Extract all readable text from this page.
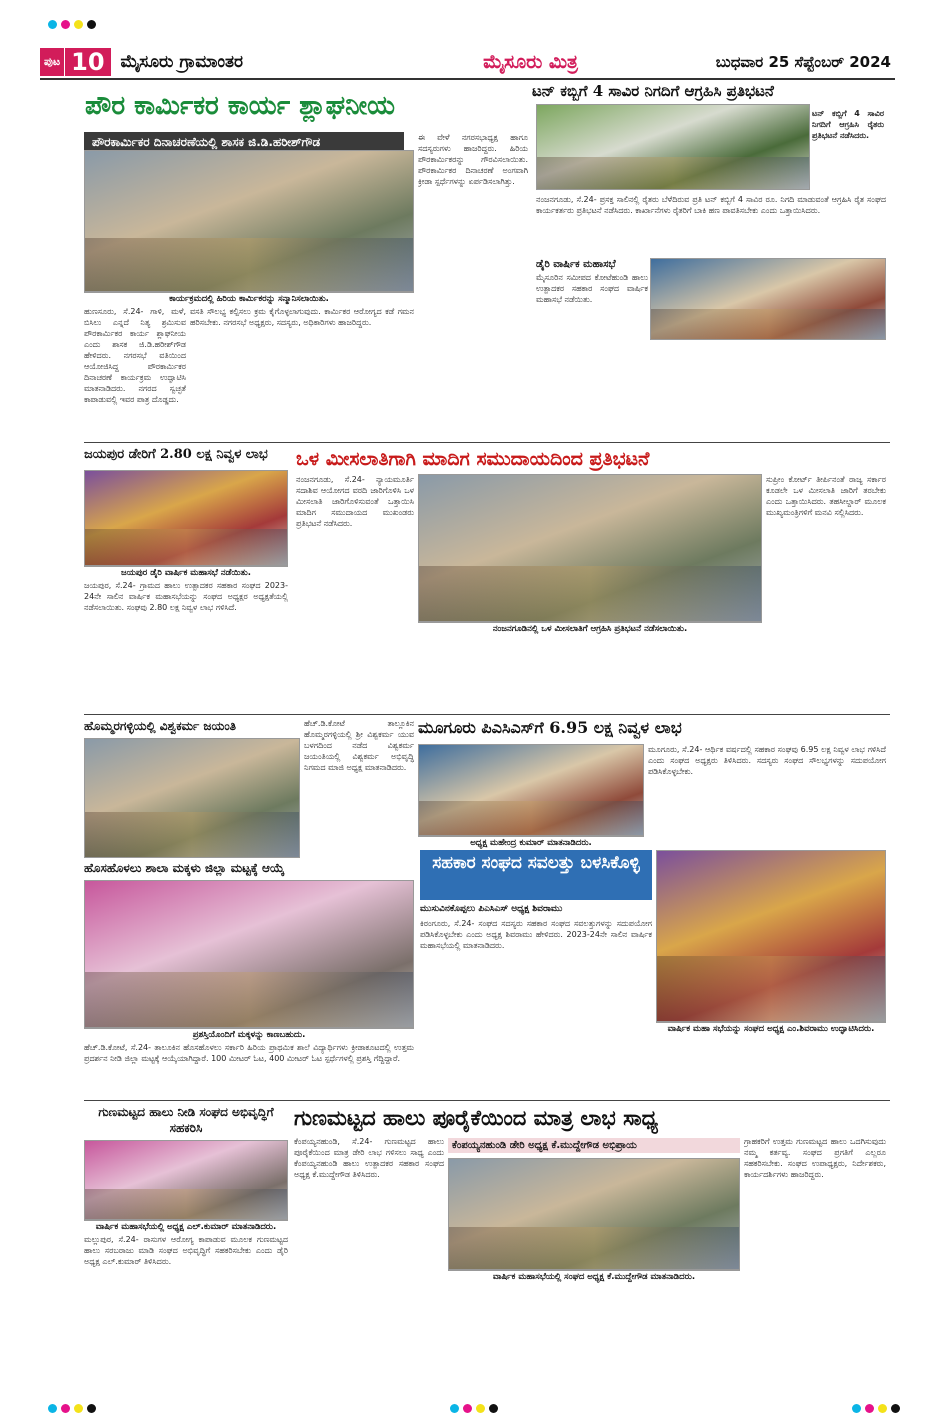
ಪುಟ 10 ಮೈಸೂರು ಗ್ರಾಮಾಂತರ	ಮೈಸೂರು ಮಿತ್ರ	ಬುಧವಾರ 25 ಸೆಪ್ಟೆಂಬರ್ 2024
ಪೌರ ಕಾರ್ಮಿಕರ ಕಾರ್ಯ ಶ್ಲಾಘನೀಯ
ಪೌರಕಾರ್ಮಿಕರ ದಿನಾಚರಣೆಯಲ್ಲಿ ಶಾಸಕ ಜಿ.ಡಿ.ಹರೀಶ್‌ಗೌಡ
ಕಾರ್ಯಕ್ರಮದಲ್ಲಿ ಹಿರಿಯ ಕಾರ್ಮಿಕರನ್ನು ಸನ್ಮಾನಿಸಲಾಯಿತು.
ಹುಣಸೂರು, ಸೆ.24- ಗಾಳಿ, ಮಳೆ, ಬಿಸಿಲು ಎನ್ನದೆ ನಿತ್ಯ ಶ್ರಮಿಸುವ ಪೌರಕಾರ್ಮಿಕರ ಕಾರ್ಯ ಶ್ಲಾಘನೀಯ ಎಂದು ಶಾಸಕ ಜಿ.ಡಿ.ಹರೀಶ್‌ಗೌಡ ಹೇಳಿದರು. ನಗರಸಭೆ ವತಿಯಿಂದ ಆಯೋಜಿಸಿದ್ದ ಪೌರಕಾರ್ಮಿಕರ ದಿನಾಚರಣೆ ಕಾರ್ಯಕ್ರಮ ಉದ್ಘಾಟಿಸಿ ಮಾತನಾಡಿದರು. ನಗರದ ಸ್ವಚ್ಛತೆ ಕಾಪಾಡುವಲ್ಲಿ ಇವರ ಪಾತ್ರ ದೊಡ್ಡದು.
ವಸತಿ ಸೌಲಭ್ಯ ಕಲ್ಪಿಸಲು ಕ್ರಮ ಕೈಗೊಳ್ಳಲಾಗುವುದು. ಕಾರ್ಮಿಕರ ಆರೋಗ್ಯದ ಕಡೆ ಗಮನ ಹರಿಸಬೇಕು. ನಗರಸಭೆ ಅಧ್ಯಕ್ಷರು, ಸದಸ್ಯರು, ಅಧಿಕಾರಿಗಳು ಹಾಜರಿದ್ದರು.
ಈ ವೇಳೆ ನಗರಸಭಾಧ್ಯಕ್ಷ ಹಾಗೂ ಸದಸ್ಯರುಗಳು ಹಾಜರಿದ್ದರು. ಹಿರಿಯ ಪೌರಕಾರ್ಮಿಕರನ್ನು ಗೌರವಿಸಲಾಯಿತು. ಪೌರಕಾರ್ಮಿಕರ ದಿನಾಚರಣೆ ಅಂಗವಾಗಿ ಕ್ರೀಡಾ ಸ್ಪರ್ಧೆಗಳನ್ನು ಏರ್ಪಡಿಸಲಾಗಿತ್ತು.
ಟನ್ ಕಬ್ಬಿಗೆ 4 ಸಾವಿರ ನಿಗದಿಗೆ ಆಗ್ರಹಿಸಿ ಪ್ರತಿಭಟನೆ
ಟನ್ ಕಬ್ಬಿಗೆ 4 ಸಾವಿರ ನಿಗದಿಗೆ ಆಗ್ರಹಿಸಿ ರೈತರು ಪ್ರತಿಭಟನೆ ನಡೆಸಿದರು.
ನಂಜನಗೂಡು, ಸೆ.24- ಪ್ರಸಕ್ತ ಸಾಲಿನಲ್ಲಿ ರೈತರು ಬೆಳೆದಿರುವ ಪ್ರತಿ ಟನ್ ಕಬ್ಬಿಗೆ 4 ಸಾವಿರ ರೂ. ನಿಗದಿ ಮಾಡುವಂತೆ ಆಗ್ರಹಿಸಿ ರೈತ ಸಂಘದ ಕಾರ್ಯಕರ್ತರು ಪ್ರತಿಭಟನೆ ನಡೆಸಿದರು. ಕಾರ್ಖಾನೆಗಳು ರೈತರಿಗೆ ಬಾಕಿ ಹಣ ಪಾವತಿಸಬೇಕು ಎಂದು ಒತ್ತಾಯಿಸಿದರು.
ಡೈರಿ ವಾರ್ಷಿಕ ಮಹಾಸಭೆ
ಮೈಸೂರಿನ ಸಮೀಪದ ಕೋಟೆಹುಂಡಿ ಹಾಲು ಉತ್ಪಾದಕರ ಸಹಕಾರ ಸಂಘದ ವಾರ್ಷಿಕ ಮಹಾಸಭೆ ನಡೆಯಿತು.
ಜಯಪುರ ಡೇರಿಗೆ 2.80 ಲಕ್ಷ ನಿವ್ವಳ ಲಾಭ
ಜಯಪುರ ಡೈರಿ ವಾರ್ಷಿಕ ಮಹಾಸಭೆ ನಡೆಯಿತು.
ಜಯಪುರ, ಸೆ.24- ಗ್ರಾಮದ ಹಾಲು ಉತ್ಪಾದಕರ ಸಹಕಾರ ಸಂಘದ 2023-24ನೇ ಸಾಲಿನ ವಾರ್ಷಿಕ ಮಹಾಸಭೆಯನ್ನು ಸಂಘದ ಅಧ್ಯಕ್ಷರ ಅಧ್ಯಕ್ಷತೆಯಲ್ಲಿ ನಡೆಸಲಾಯಿತು. ಸಂಘವು 2.80 ಲಕ್ಷ ನಿವ್ವಳ ಲಾಭ ಗಳಿಸಿದೆ.
ಒಳ ಮೀಸಲಾತಿಗಾಗಿ ಮಾದಿಗ ಸಮುದಾಯದಿಂದ ಪ್ರತಿಭಟನೆ
ನಂಜನಗೂಡು, ಸೆ.24- ನ್ಯಾಯಮೂರ್ತಿ ಸದಾಶಿವ ಆಯೋಗದ ವರದಿ ಜಾರಿಗೊಳಿಸಿ ಒಳ ಮೀಸಲಾತಿ ಜಾರಿಗೊಳಿಸುವಂತೆ ಒತ್ತಾಯಿಸಿ ಮಾದಿಗ ಸಮುದಾಯದ ಮುಖಂಡರು ಪ್ರತಿಭಟನೆ ನಡೆಸಿದರು.
ನಂಜನಗೂಡಿನಲ್ಲಿ ಒಳ ಮೀಸಲಾತಿಗೆ ಆಗ್ರಹಿಸಿ ಪ್ರತಿಭಟನೆ ನಡೆಸಲಾಯಿತು.
ಸುಪ್ರೀಂ ಕೋರ್ಟ್ ತೀರ್ಪಿನಂತೆ ರಾಜ್ಯ ಸರ್ಕಾರ ಕೂಡಲೇ ಒಳ ಮೀಸಲಾತಿ ಜಾರಿಗೆ ತರಬೇಕು ಎಂದು ಒತ್ತಾಯಿಸಿದರು. ತಹಸೀಲ್ದಾರ್ ಮೂಲಕ ಮುಖ್ಯಮಂತ್ರಿಗಳಿಗೆ ಮನವಿ ಸಲ್ಲಿಸಿದರು.
ಹೊಮ್ಮರಗಳ್ಳಿಯಲ್ಲಿ ವಿಶ್ವಕರ್ಮ ಜಯಂತಿ	ಹೆಚ್.ಡಿ.ಕೋಟೆ ತಾಲ್ಲೂಕಿನ ಹೊಮ್ಮರಗಳ್ಳಿಯಲ್ಲಿ ಶ್ರೀ ವಿಶ್ವಕರ್ಮ ಯುವ ಬಳಗದಿಂದ ನಡೆದ ವಿಶ್ವಕರ್ಮ ಜಯಂತಿಯಲ್ಲಿ ವಿಶ್ವಕರ್ಮ ಅಭಿವೃದ್ಧಿ ನಿಗಮದ ಮಾಜಿ ಅಧ್ಯಕ್ಷ ಮಾತನಾಡಿದರು.
ಮೂಗೂರು ಪಿಎಸಿಎಸ್‌ಗೆ 6.95 ಲಕ್ಷ ನಿವ್ವಳ ಲಾಭ
ಅಧ್ಯಕ್ಷ ಮಹೇಂದ್ರ ಕುಮಾರ್ ಮಾತನಾಡಿದರು.
ಮೂಗೂರು, ಸೆ.24- ಆರ್ಥಿಕ ವರ್ಷದಲ್ಲಿ ಸಹಕಾರ ಸಂಘವು 6.95 ಲಕ್ಷ ನಿವ್ವಳ ಲಾಭ ಗಳಿಸಿದೆ ಎಂದು ಸಂಘದ ಅಧ್ಯಕ್ಷರು ತಿಳಿಸಿದರು. ಸದಸ್ಯರು ಸಂಘದ ಸೌಲಭ್ಯಗಳನ್ನು ಸದುಪಯೋಗ ಪಡಿಸಿಕೊಳ್ಳಬೇಕು.
ಹೊಸಹೊಳಲು ಶಾಲಾ ಮಕ್ಕಳು ಜಿಲ್ಲಾ ಮಟ್ಟಕ್ಕೆ ಆಯ್ಕೆ
ಪ್ರಶಸ್ತಿಯೊಂದಿಗೆ ಮಕ್ಕಳನ್ನು ಕಾಣಬಹುದು.
ಹೆಚ್.ಡಿ.ಕೋಟೆ, ಸೆ.24- ತಾಲೂಕಿನ ಹೊಸಹೊಳಲು ಸರ್ಕಾರಿ ಹಿರಿಯ ಪ್ರಾಥಮಿಕ ಶಾಲೆ ವಿದ್ಯಾರ್ಥಿಗಳು ಕ್ರೀಡಾಕೂಟದಲ್ಲಿ ಉತ್ತಮ ಪ್ರದರ್ಶನ ನೀಡಿ ಜಿಲ್ಲಾ ಮಟ್ಟಕ್ಕೆ ಆಯ್ಕೆಯಾಗಿದ್ದಾರೆ. 100 ಮೀಟರ್ ಓಟ, 400 ಮೀಟರ್ ಓಟ ಸ್ಪರ್ಧೆಗಳಲ್ಲಿ ಪ್ರಶಸ್ತಿ ಗೆದ್ದಿದ್ದಾರೆ.
ಸಹಕಾರ ಸಂಘದ ಸವಲತ್ತು ಬಳಸಿಕೊಳ್ಳಿ
ಮುಸುವಿನಕೊಪ್ಪಲು ಪಿಎಸಿಎಸ್ ಅಧ್ಯಕ್ಷ ಶಿವರಾಮು
ಕಿರಂಗೂರು, ಸೆ.24- ಸಂಘದ ಸದಸ್ಯರು ಸಹಕಾರ ಸಂಘದ ಸವಲತ್ತುಗಳನ್ನು ಸದುಪಯೋಗ ಪಡಿಸಿಕೊಳ್ಳಬೇಕು ಎಂದು ಅಧ್ಯಕ್ಷ ಶಿವರಾಮು ಹೇಳಿದರು. 2023-24ನೇ ಸಾಲಿನ ವಾರ್ಷಿಕ ಮಹಾಸಭೆಯಲ್ಲಿ ಮಾತನಾಡಿದರು.
ವಾರ್ಷಿಕ ಮಹಾ ಸಭೆಯನ್ನು ಸಂಘದ ಅಧ್ಯಕ್ಷ ಎಂ.ಶಿವರಾಮು ಉದ್ಘಾಟಿಸಿದರು.
ಗುಣಮಟ್ಟದ ಹಾಲು ನೀಡಿ ಸಂಘದ ಅಭಿವೃದ್ಧಿಗೆ ಸಹಕರಿಸಿ
ವಾರ್ಷಿಕ ಮಹಾಸಭೆಯಲ್ಲಿ ಅಧ್ಯಕ್ಷ ಎಲ್.ಕುಮಾರ್ ಮಾತನಾಡಿದರು.
ಮಲ್ಲುಪುರ, ಸೆ.24- ರಾಸುಗಳ ಆರೋಗ್ಯ ಕಾಪಾಡುವ ಮೂಲಕ ಗುಣಮಟ್ಟದ ಹಾಲು ಸರಬರಾಜು ಮಾಡಿ ಸಂಘದ ಅಭಿವೃದ್ಧಿಗೆ ಸಹಕರಿಸಬೇಕು ಎಂದು ಡೈರಿ ಅಧ್ಯಕ್ಷ ಎಲ್.ಕುಮಾರ್ ತಿಳಿಸಿದರು.
ಗುಣಮಟ್ಟದ ಹಾಲು ಪೂರೈಕೆಯಿಂದ ಮಾತ್ರ ಲಾಭ ಸಾಧ್ಯ
ಕೆಂಪಯ್ಯನಹುಂಡಿ, ಸೆ.24- ಗುಣಮಟ್ಟದ ಹಾಲು ಪೂರೈಕೆಯಿಂದ ಮಾತ್ರ ಡೇರಿ ಲಾಭ ಗಳಿಸಲು ಸಾಧ್ಯ ಎಂದು ಕೆಂಪಯ್ಯನಹುಂಡಿ ಹಾಲು ಉತ್ಪಾದಕರ ಸಹಕಾರ ಸಂಘದ ಅಧ್ಯಕ್ಷ ಕೆ.ಮುದ್ದೇಗೌಡ ತಿಳಿಸಿದರು.
ಕೆಂಪಯ್ಯನಹುಂಡಿ ಡೇರಿ ಅಧ್ಯಕ್ಷ ಕೆ.ಮುದ್ದೇಗೌಡ ಅಭಿಪ್ರಾಯ
ವಾರ್ಷಿಕ ಮಹಾಸಭೆಯಲ್ಲಿ ಸಂಘದ ಅಧ್ಯಕ್ಷ ಕೆ.ಮುದ್ದೇಗೌಡ ಮಾತನಾಡಿದರು.
ಗ್ರಾಹಕರಿಗೆ ಉತ್ತಮ ಗುಣಮಟ್ಟದ ಹಾಲು ಒದಗಿಸುವುದು ನಮ್ಮ ಕರ್ತವ್ಯ. ಸಂಘದ ಪ್ರಗತಿಗೆ ಎಲ್ಲರೂ ಸಹಕರಿಸಬೇಕು. ಸಂಘದ ಉಪಾಧ್ಯಕ್ಷರು, ನಿರ್ದೇಶಕರು, ಕಾರ್ಯದರ್ಶಿಗಳು ಹಾಜರಿದ್ದರು.
